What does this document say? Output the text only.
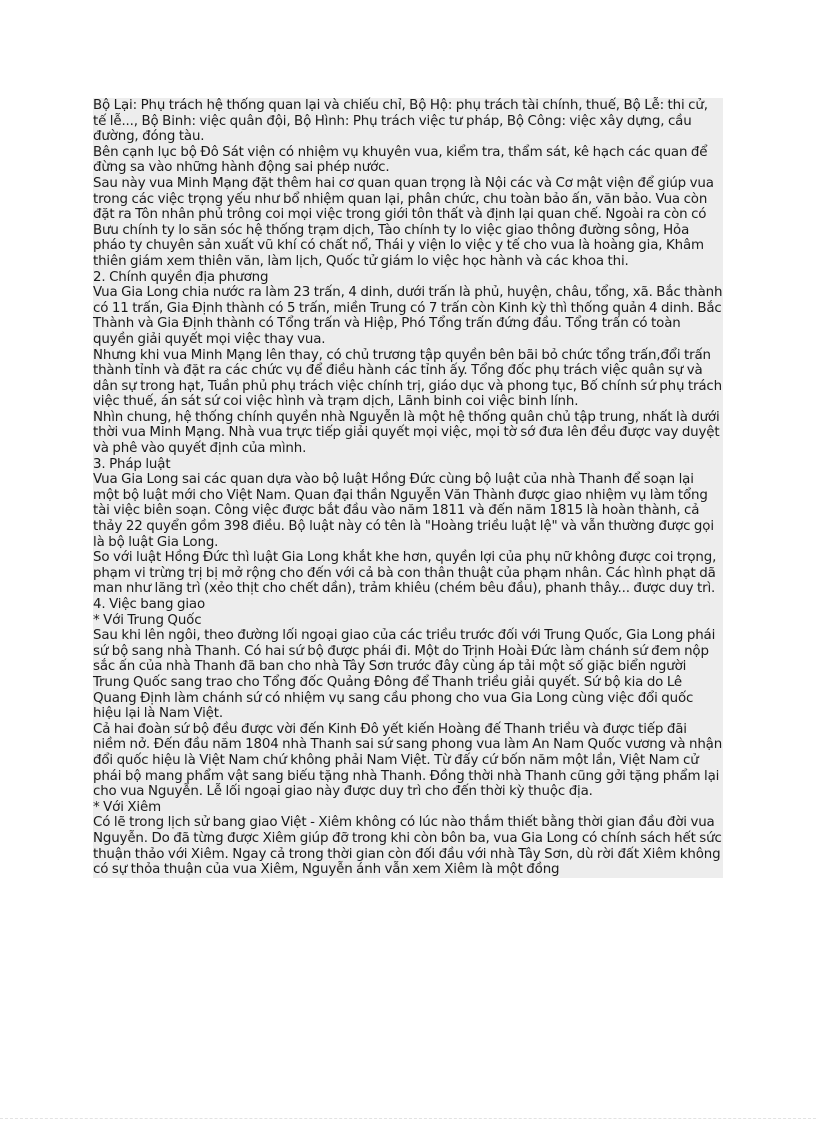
Bộ Lại: Phụ trách hệ thống quan lại và chiếu chỉ, Bộ Hộ: phụ trách tài chính, thuế, Bộ Lễ: thi cử, tế lễ..., Bộ Binh: việc quân đội, Bộ Hình: Phụ trách việc tư pháp, Bộ Công: việc xây dựng, cầu đường, đóng tàu.

Bên cạnh lục bộ Đô Sát viện có nhiệm vụ khuyên vua, kiểm tra, thẩm sát, kê hạch các quan để đừng sa vào những hành động sai phép nước.

Sau này vua Minh Mạng đặt thêm hai cơ quan quan trọng là Nội các và Cơ mật viện để giúp vua trong các việc trọng yếu như bổ nhiệm quan lại, phân chức, chu toàn bảo ấn, văn bảo. Vua còn đặt ra Tôn nhân phủ trông coi mọi việc trong giới tôn thất và định lại quan chế. Ngoài ra còn có Bưu chính ty lo săn sóc hệ thống trạm dịch, Tào chính ty lo việc giao thông đường sông, Hỏa pháo ty chuyên sản xuất vũ khí có chất nổ, Thái y viện lo việc y tế cho vua là hoàng gia, Khâm thiên giám xem thiên văn, làm lịch, Quốc tử giám lo việc học hành và các khoa thi.

2. Chính quyền địa phương

Vua Gia Long chia nước ra làm 23 trấn, 4 dinh, dưới trấn là phủ, huyện, châu, tổng, xã. Bắc thành có 11 trấn, Gia Định thành có 5 trấn, miền Trung có 7 trấn còn Kinh kỳ thì thống quản 4 dinh. Bắc Thành và Gia Định thành có Tổng trấn và Hiệp, Phó Tổng trấn đứng đầu. Tổng trấn có toàn quyền giải quyết mọi việc thay vua.

Nhưng khi vua Minh Mạng lên thay, có chủ trương tập quyền bên bãi bỏ chức tổng trấn,đổi trấn thành tỉnh và đặt ra các chức vụ để điều hành các tỉnh ấy. Tổng đốc phụ trách việc quân sự và dân sự trong hạt, Tuần phủ phụ trách việc chính trị, giáo dục và phong tục, Bố chính sứ phụ trách việc thuế, án sát sứ coi việc hình và trạm dịch, Lãnh binh coi việc binh lính.

Nhìn chung, hệ thống chính quyền nhà Nguyễn là một hệ thống quân chủ tập trung, nhất là dưới thời vua Minh Mạng. Nhà vua trực tiếp giải quyết mọi việc, mọi tờ sớ đưa lên đều được vay duyệt và phê vào quyết định của mình.

3. Pháp luật

Vua Gia Long sai các quan dựa vào bộ luật Hồng Đức cùng bộ luật của nhà Thanh để soạn lại một bộ luật mới cho Việt Nam. Quan đại thần Nguyễn Văn Thành được giao nhiệm vụ làm tổng tài việc biên soạn. Công việc được bắt đầu vào năm 1811 và đến năm 1815 là hoàn thành, cả thảy 22 quyển gồm 398 điều. Bộ luật này có tên là "Hoàng triều luật lệ" và vẫn thường được gọi là bộ luật Gia Long.

So với luật Hồng Đức thì luật Gia Long khắt khe hơn, quyền lợi của phụ nữ không được coi trọng, phạm vi trừng trị bị mở rộng cho đến với cả bà con thân thuật của phạm nhân. Các hình phạt dã man như lăng trì (xẻo thịt cho chết dần), trảm khiêu (chém bêu đầu), phanh thây... được duy trì.

4. Việc bang giao

* Với Trung Quốc

Sau khi lên ngôi, theo đường lối ngoại giao của các triều trước đối với Trung Quốc, Gia Long phái sứ bộ sang nhà Thanh. Có hai sứ bộ được phái đi. Một do Trịnh Hoài Đức làm chánh sứ đem nộp sắc ấn của nhà Thanh đã ban cho nhà Tây Sơn trước đây cùng áp tải một số giặc biển người Trung Quốc sang trao cho Tổng đốc Quảng Đông để Thanh triều giải quyết. Sứ bộ kia do Lê Quang Định làm chánh sứ có nhiệm vụ sang cầu phong cho vua Gia Long cùng việc đổi quốc hiệu lại là Nam Việt.

Cả hai đoàn sứ bộ đều được vời đến Kinh Đô yết kiến Hoàng đế Thanh triều và được tiếp đãi niềm nở. Đến đầu năm 1804 nhà Thanh sai sứ sang phong vua làm An Nam Quốc vương và nhận đổi quốc hiệu là Việt Nam chứ không phải Nam Việt. Từ đấy cứ bốn năm một lần, Việt Nam cử phái bộ mang phẩm vật sang biếu tặng nhà Thanh. Đồng thời nhà Thanh cũng gởi tặng phẩm lại cho vua Nguyễn. Lễ lối ngoại giao này được duy trì cho đến thời kỳ thuộc địa.

* Với Xiêm

Có lẽ trong lịch sử bang giao Việt - Xiêm không có lúc nào thắm thiết bằng thời gian đầu đời vua Nguyễn. Do đã từng được Xiêm giúp đỡ trong khi còn bôn ba, vua Gia Long có chính sách hết sức thuận thảo với Xiêm. Ngay cả trong thời gian còn đối đầu với nhà Tây Sơn, dù rời đất Xiêm không có sự thỏa thuận của vua Xiêm, Nguyễn ánh vẫn xem Xiêm là một đồng
